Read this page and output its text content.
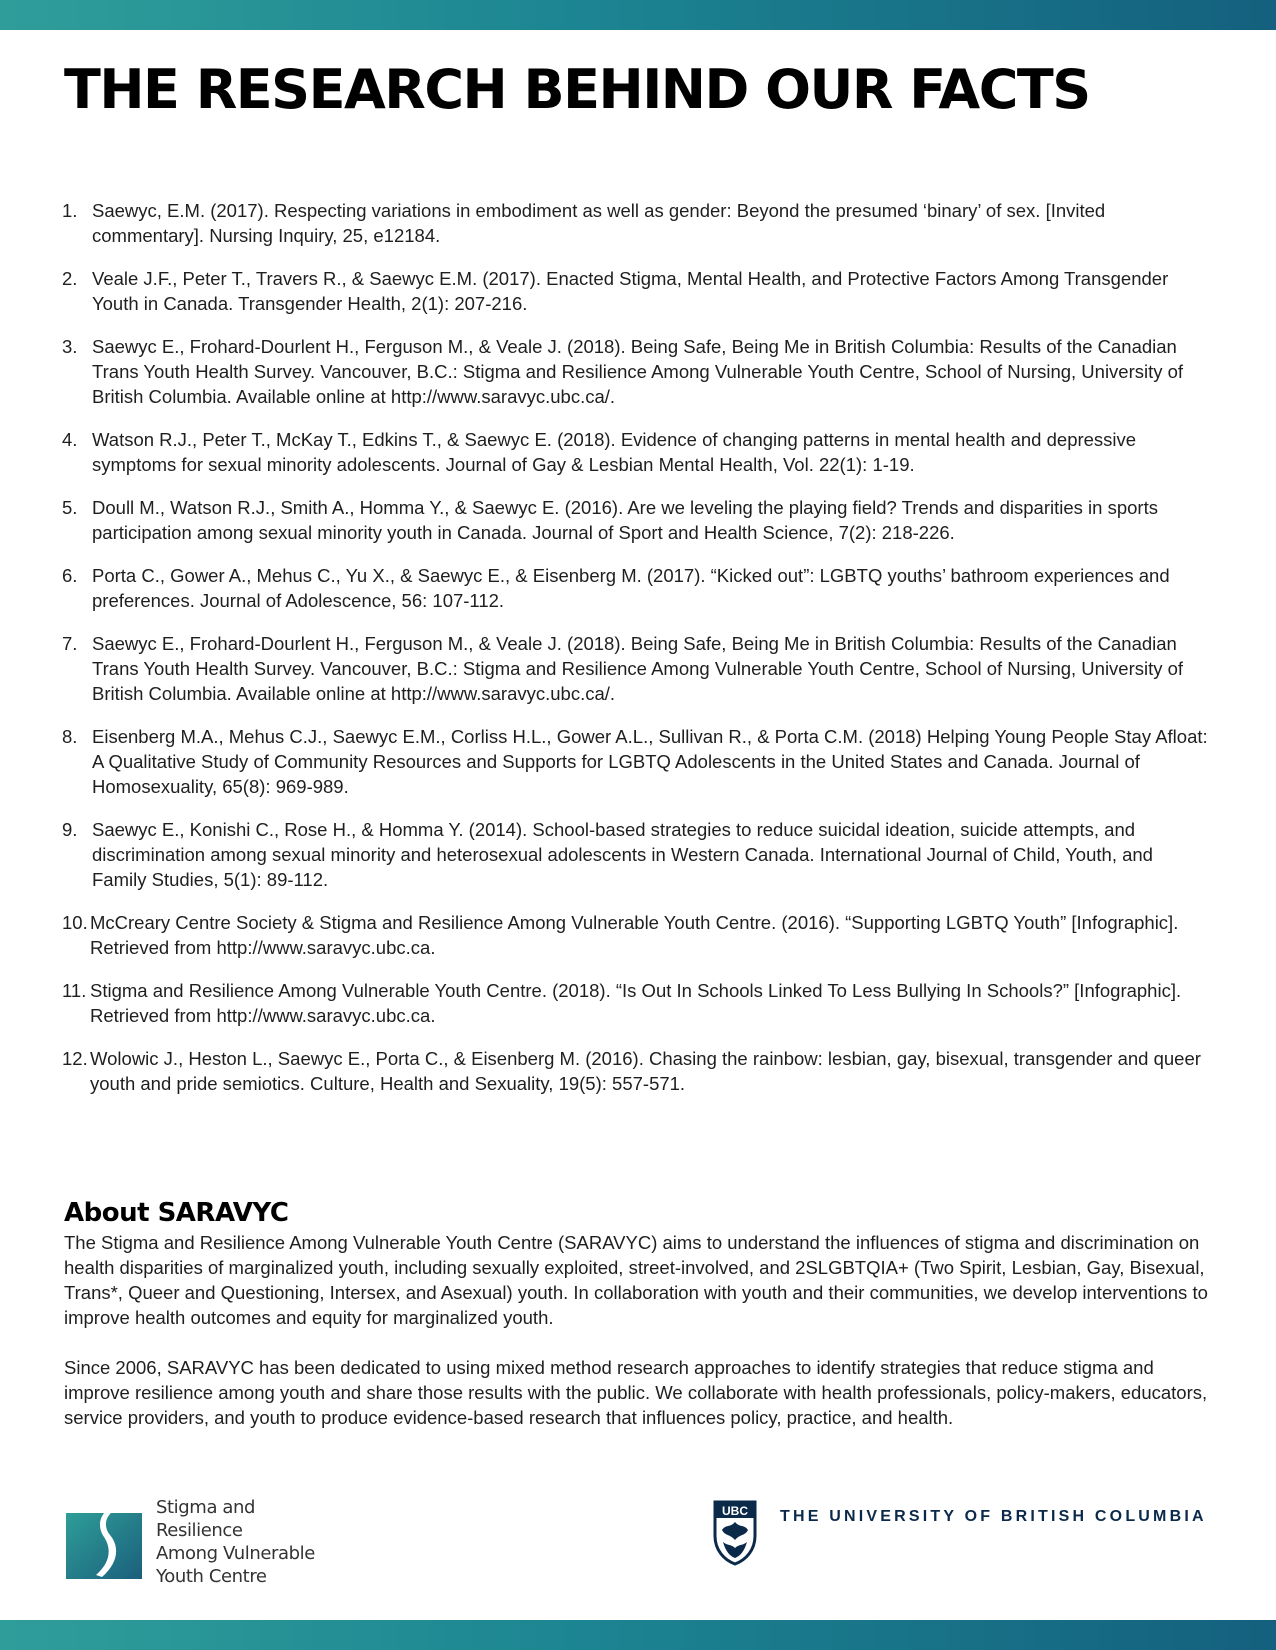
THE RESEARCH BEHIND OUR FACTS
1. Saewyc, E.M. (2017). Respecting variations in embodiment as well as gender: Beyond the presumed ‘binary’ of sex. [Invited commentary]. Nursing Inquiry, 25, e12184.
2. Veale J.F., Peter T., Travers R., & Saewyc E.M. (2017). Enacted Stigma, Mental Health, and Protective Factors Among Transgender Youth in Canada. Transgender Health, 2(1): 207-216.
3. Saewyc E., Frohard-Dourlent H., Ferguson M., & Veale J. (2018). Being Safe, Being Me in British Columbia: Results of the Canadian Trans Youth Health Survey. Vancouver, B.C.: Stigma and Resilience Among Vulnerable Youth Centre, School of Nursing, University of British Columbia. Available online at http://www.saravyc.ubc.ca/.
4. Watson R.J., Peter T., McKay T., Edkins T., & Saewyc E. (2018). Evidence of changing patterns in mental health and depressive symptoms for sexual minority adolescents. Journal of Gay & Lesbian Mental Health, Vol. 22(1): 1-19.
5. Doull M., Watson R.J., Smith A., Homma Y., & Saewyc E. (2016). Are we leveling the playing field? Trends and disparities in sports participation among sexual minority youth in Canada. Journal of Sport and Health Science, 7(2): 218-226.
6. Porta C., Gower A., Mehus C., Yu X., & Saewyc E., & Eisenberg M. (2017). “Kicked out”: LGBTQ youths’ bathroom experiences and preferences. Journal of Adolescence, 56: 107-112.
7. Saewyc E., Frohard-Dourlent H., Ferguson M., & Veale J. (2018). Being Safe, Being Me in British Columbia: Results of the Canadian Trans Youth Health Survey. Vancouver, B.C.: Stigma and Resilience Among Vulnerable Youth Centre, School of Nursing, University of British Columbia. Available online at http://www.saravyc.ubc.ca/.
8. Eisenberg M.A., Mehus C.J., Saewyc E.M., Corliss H.L., Gower A.L., Sullivan R., & Porta C.M. (2018) Helping Young People Stay Afloat: A Qualitative Study of Community Resources and Supports for LGBTQ Adolescents in the United States and Canada. Journal of Homosexuality, 65(8): 969-989.
9. Saewyc E., Konishi C., Rose H., & Homma Y. (2014). School-based strategies to reduce suicidal ideation, suicide attempts, and discrimination among sexual minority and heterosexual adolescents in Western Canada. International Journal of Child, Youth, and Family Studies, 5(1): 89-112.
10. McCreary Centre Society & Stigma and Resilience Among Vulnerable Youth Centre. (2016). “Supporting LGBTQ Youth” [Infographic]. Retrieved from http://www.saravyc.ubc.ca.
11. Stigma and Resilience Among Vulnerable Youth Centre. (2018). “Is Out In Schools Linked To Less Bullying In Schools?” [Infographic]. Retrieved from http://www.saravyc.ubc.ca.
12. Wolowic J., Heston L., Saewyc E., Porta C., & Eisenberg M. (2016). Chasing the rainbow: lesbian, gay, bisexual, transgender and queer youth and pride semiotics. Culture, Health and Sexuality, 19(5): 557-571.
About SARAVYC

The Stigma and Resilience Among Vulnerable Youth Centre (SARAVYC) aims to understand the influences of stigma and discrimination on health disparities of marginalized youth, including sexually exploited, street-involved, and 2SLGBTQIA+ (Two Spirit, Lesbian, Gay, Bisexual, Trans*, Queer and Questioning, Intersex, and Asexual) youth. In collaboration with youth and their communities, we develop interventions to improve health outcomes and equity for marginalized youth.

Since 2006, SARAVYC has been dedicated to using mixed method research approaches to identify strategies that reduce stigma and improve resilience among youth and share those results with the public. We collaborate with health professionals, policy-makers, educators, service providers, and youth to produce evidence-based research that influences policy, practice, and health.

Stigma and Resilience
Among Vulnerable
Youth Centre
UBC THE UNIVERSITY OF BRITISH COLUMBIA
